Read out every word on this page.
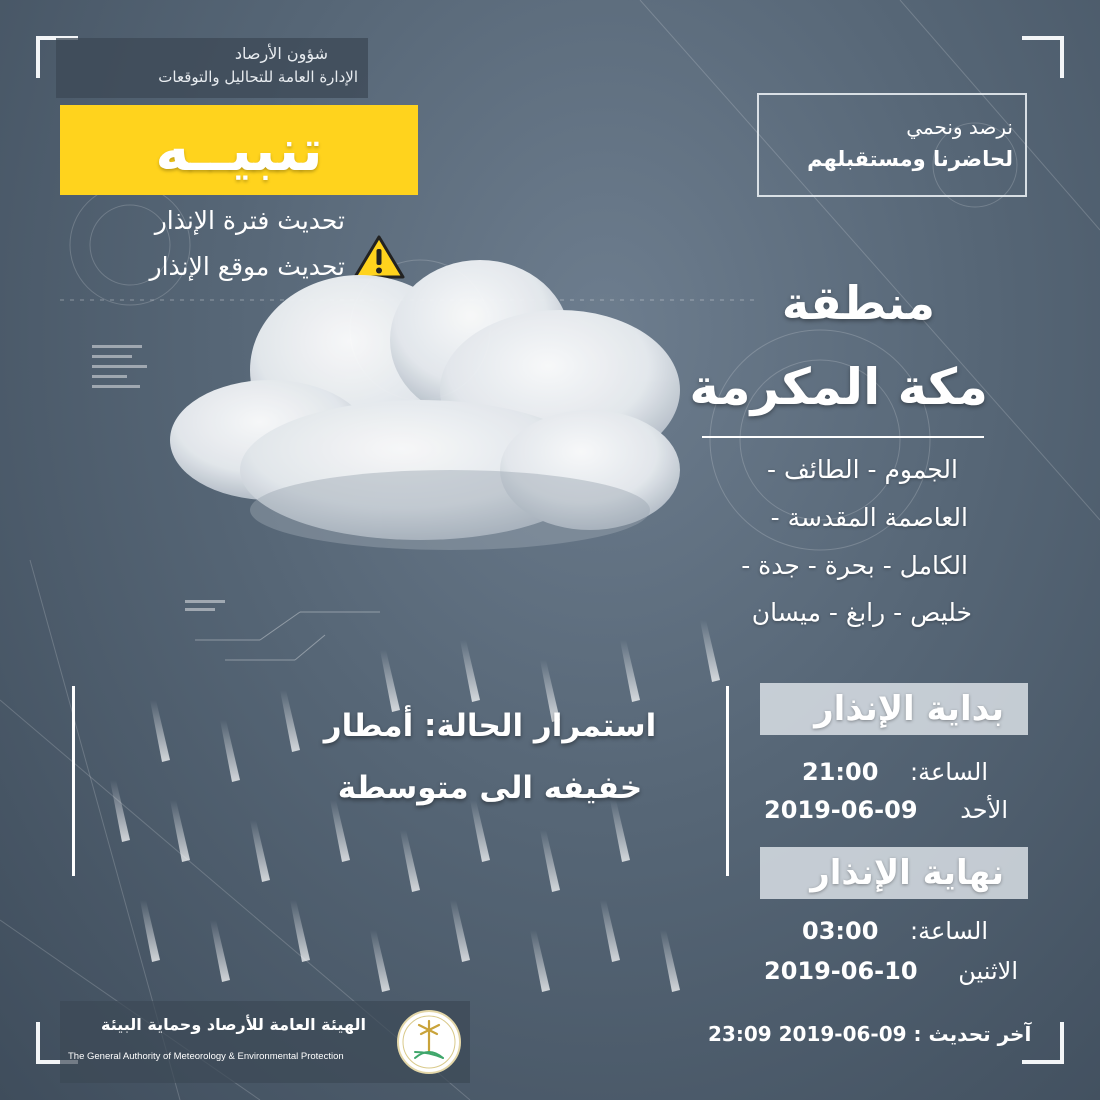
شؤون الأرصاد
الإدارة العامة للتحاليل والتوقعات
تنبيــه
تحديث فترة الإنذار
تحديث موقع الإنذار
نرصد ونحمي
لحاضرنا ومستقبلهم
منطقة
مكة المكرمة
الجموم - الطائف -
العاصمة المقدسة -
الكامل - بحرة - جدة -
خليص - رابغ - ميسان
استمرار الحالة: أمطار خفيفه الى متوسطة
بداية الإنذار
الساعة:
21:00
الأحد
2019-06-09
نهاية الإنذار
الساعة:
03:00
الاثنين
2019-06-10
الهيئة العامة للأرصاد وحماية البيئة
The General Authority of Meteorology & Environmental Protection
آخر تحديث : 23:09 2019-06-09
